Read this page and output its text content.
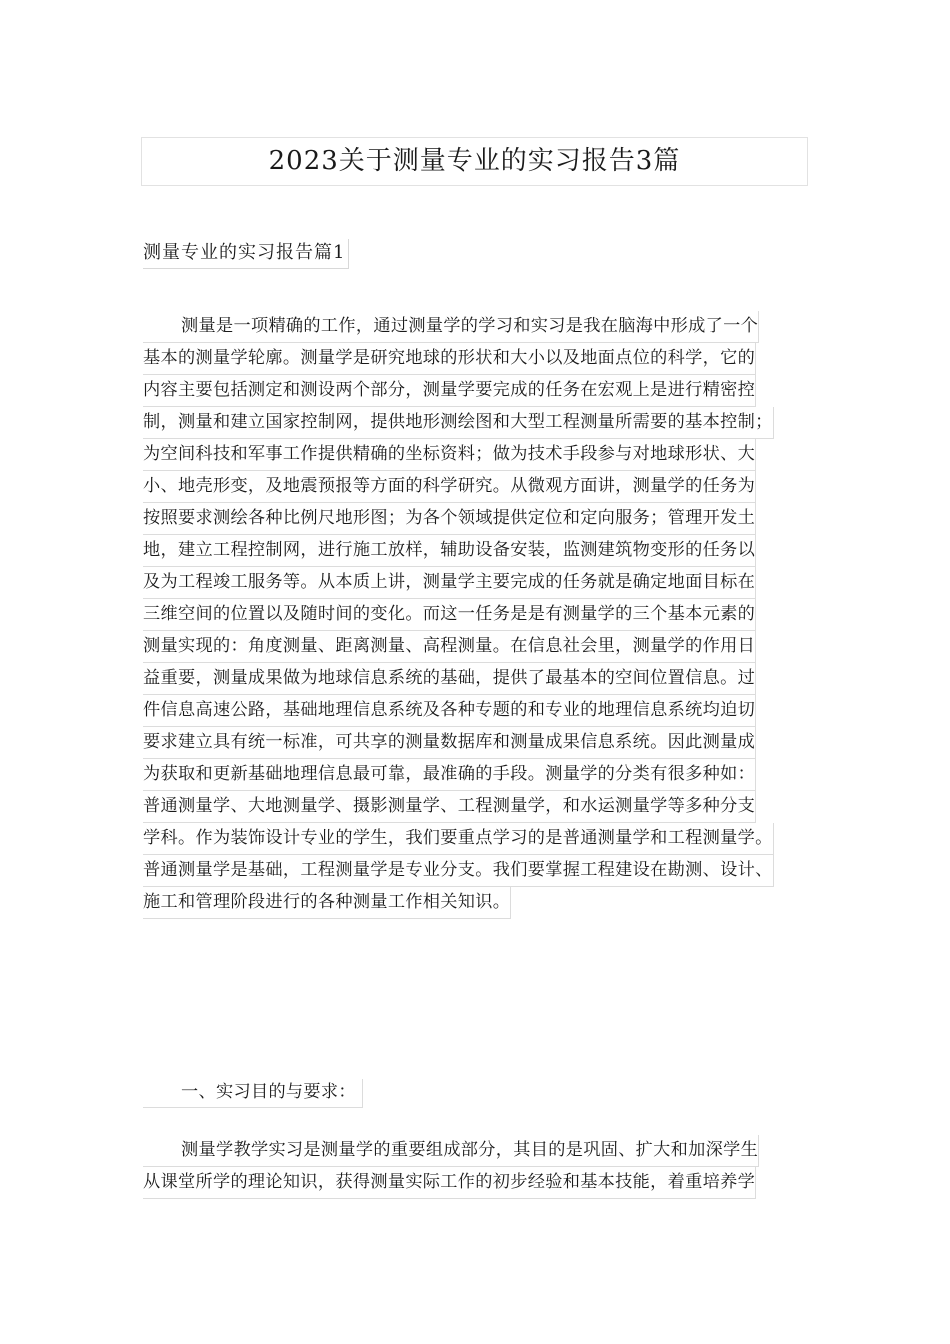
2023关于测量专业的实习报告3篇
测量专业的实习报告篇1
测量是一项精确的工作，通过测量学的学习和实习是我在脑海中形成了一个
基本的测量学轮廓。测量学是研究地球的形状和大小以及地面点位的科学，它的
内容主要包括测定和测设两个部分，测量学要完成的任务在宏观上是进行精密控
制，测量和建立国家控制网，提供地形测绘图和大型工程测量所需要的基本控制；
为空间科技和军事工作提供精确的坐标资料；做为技术手段参与对地球形状、大
小、地壳形变，及地震预报等方面的科学研究。从微观方面讲，测量学的任务为
按照要求测绘各种比例尺地形图；为各个领域提供定位和定向服务；管理开发土
地，建立工程控制网，进行施工放样，辅助设备安装，监测建筑物变形的任务以
及为工程竣工服务等。从本质上讲，测量学主要完成的任务就是确定地面目标在
三维空间的位置以及随时间的变化。而这一任务是是有测量学的三个基本元素的
测量实现的：角度测量、距离测量、高程测量。在信息社会里，测量学的作用日
益重要，测量成果做为地球信息系统的基础，提供了最基本的空间位置信息。过
件信息高速公路，基础地理信息系统及各种专题的和专业的地理信息系统均迫切
要求建立具有统一标准，可共享的测量数据库和测量成果信息系统。因此测量成
为获取和更新基础地理信息最可靠，最准确的手段。测量学的分类有很多种如：
普通测量学、大地测量学、摄影测量学、工程测量学，和水运测量学等多种分支
学科。作为装饰设计专业的学生，我们要重点学习的是普通测量学和工程测量学。
普通测量学是基础，工程测量学是专业分支。我们要掌握工程建设在勘测、设计、
施工和管理阶段进行的各种测量工作相关知识。
一、实习目的与要求：
测量学教学实习是测量学的重要组成部分，其目的是巩固、扩大和加深学生
从课堂所学的理论知识，获得测量实际工作的初步经验和基本技能，着重培养学
